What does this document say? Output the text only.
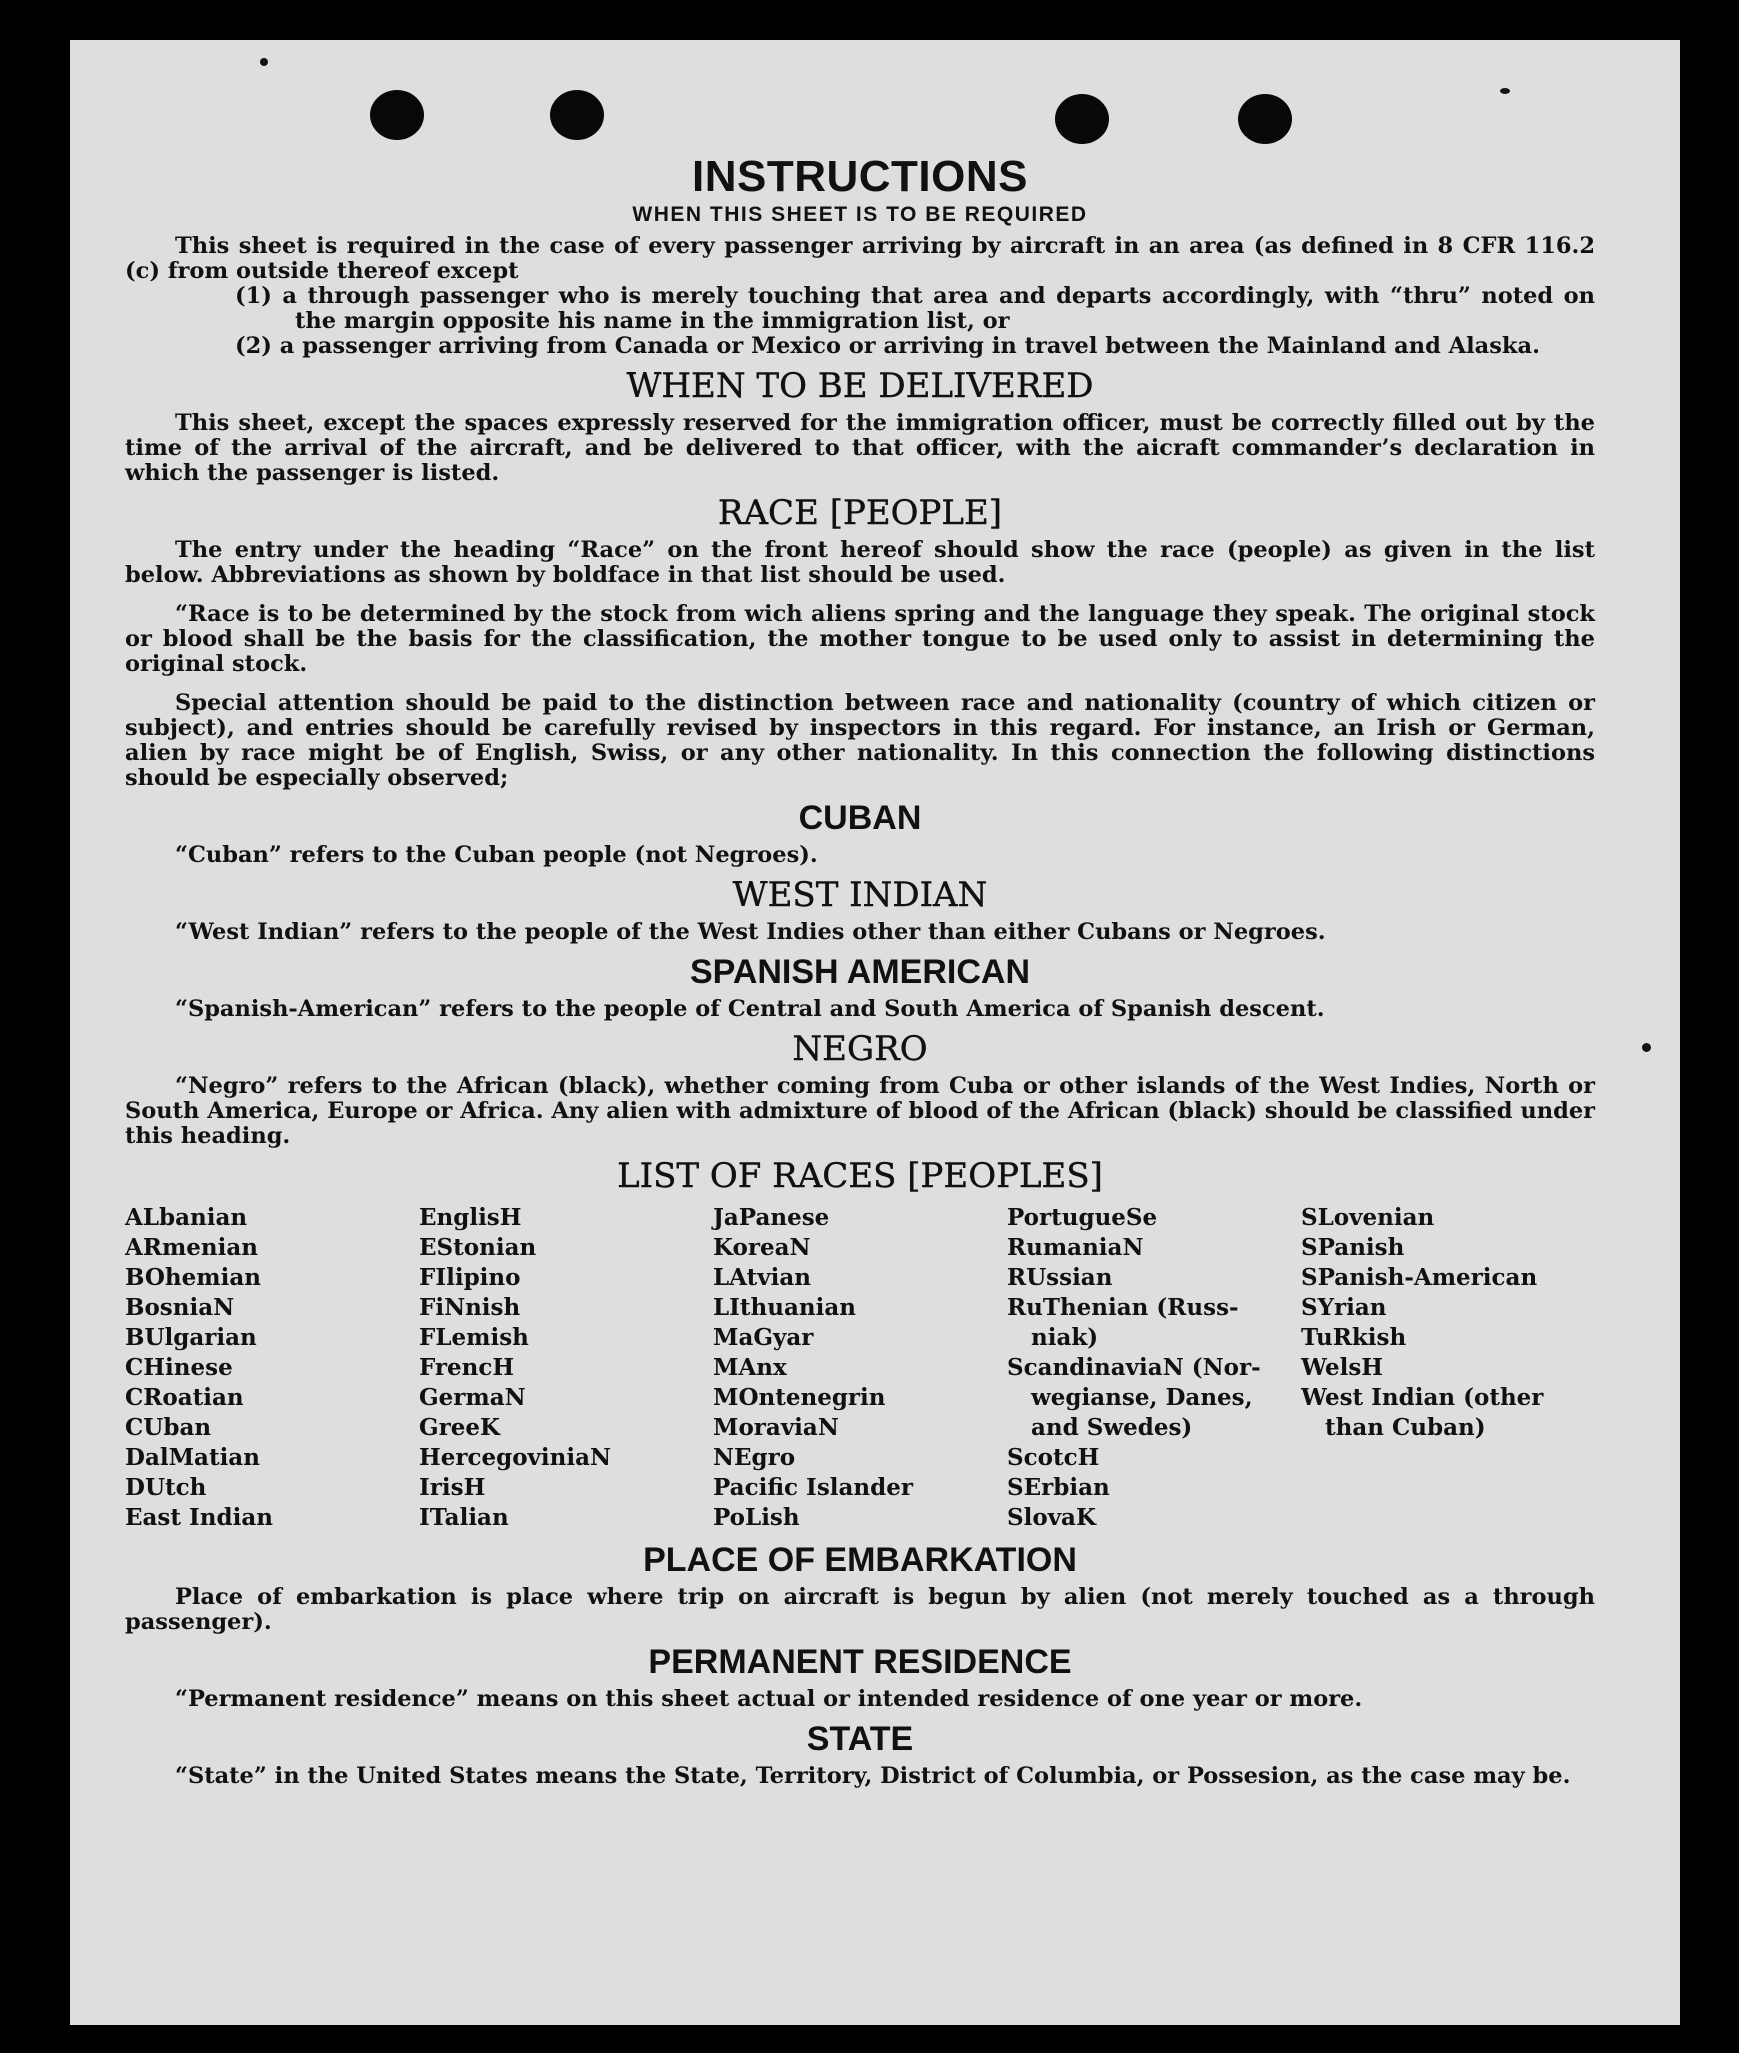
INSTRUCTIONS
WHEN THIS SHEET IS TO BE REQUIRED

This sheet is required in the case of every passenger arriving by aircraft in an area (as defined in 8 CFR 116.2 (c) from outside thereof except

(1) a through passenger who is merely touching that area and departs accordingly, with “thru” noted on the margin opposite his name in the immigration list, or

(2) a passenger arriving from Canada or Mexico or arriving in travel between the Mainland and Alaska.

WHEN TO BE DELIVERED

This sheet, except the spaces expressly reserved for the immigration officer, must be correctly filled out by the time of the arrival of the aircraft, and be delivered to that officer, with the aicraft commander’s declaration in which the passenger is listed.

RACE [PEOPLE]

The entry under the heading “Race” on the front hereof should show the race (people) as given in the list below. Abbreviations as shown by boldface in that list should be used.

“Race is to be determined by the stock from wich aliens spring and the language they speak. The original stock or blood shall be the basis for the classification, the mother tongue to be used only to assist in determining the original stock.

Special attention should be paid to the distinction between race and nationality (country of which citizen or subject), and entries should be carefully revised by inspectors in this regard. For instance, an Irish or German, alien by race might be of English, Swiss, or any other nationality. In this connection the following distinctions should be especially observed;

CUBAN

“Cuban” refers to the Cuban people (not Negroes).

WEST INDIAN

“West Indian” refers to the people of the West Indies other than either Cubans or Negroes.

SPANISH AMERICAN

“Spanish-American” refers to the people of Central and South America of Spanish descent.

NEGRO

“Negro” refers to the African (black), whether coming from Cuba or other islands of the West Indies, North or South America, Europe or Africa. Any alien with admixture of blood of the African (black) should be classified under this heading.

LIST OF RACES [PEOPLES]
ALbanian
ARmenian
BOhemian
BosniaN
BUlgarian
CHinese
CRoatian
CUban
DalMatian
DUtch
East Indian
EnglisH
EStonian
FIlipino
FiNnish
FLemish
FrencH
GermaN
GreeK
HercegoviniaN
IrisH
ITalian
JaPanese
KoreaN
LAtvian
LIthuanian
MaGyar
MAnx
MOntenegrin
MoraviaN
NEgro
Pacific Islander
PoLish
PortugueSe
RumaniaN
RUssian
RuThenian (Russ-
niak)
ScandinaviaN (Nor-
wegianse, Danes,
and Swedes)
ScotcH
SErbian
SlovaK
SLovenian
SPanish
SPanish-American
SYrian
TuRkish
WelsH
West Indian (other
than Cuban)
PLACE OF EMBARKATION

Place of embarkation is place where trip on aircraft is begun by alien (not merely touched as a through passenger).

PERMANENT RESIDENCE

“Permanent residence” means on this sheet actual or intended residence of one year or more.

STATE

“State” in the United States means the State, Territory, District of Columbia, or Possesion, as the case may be.
